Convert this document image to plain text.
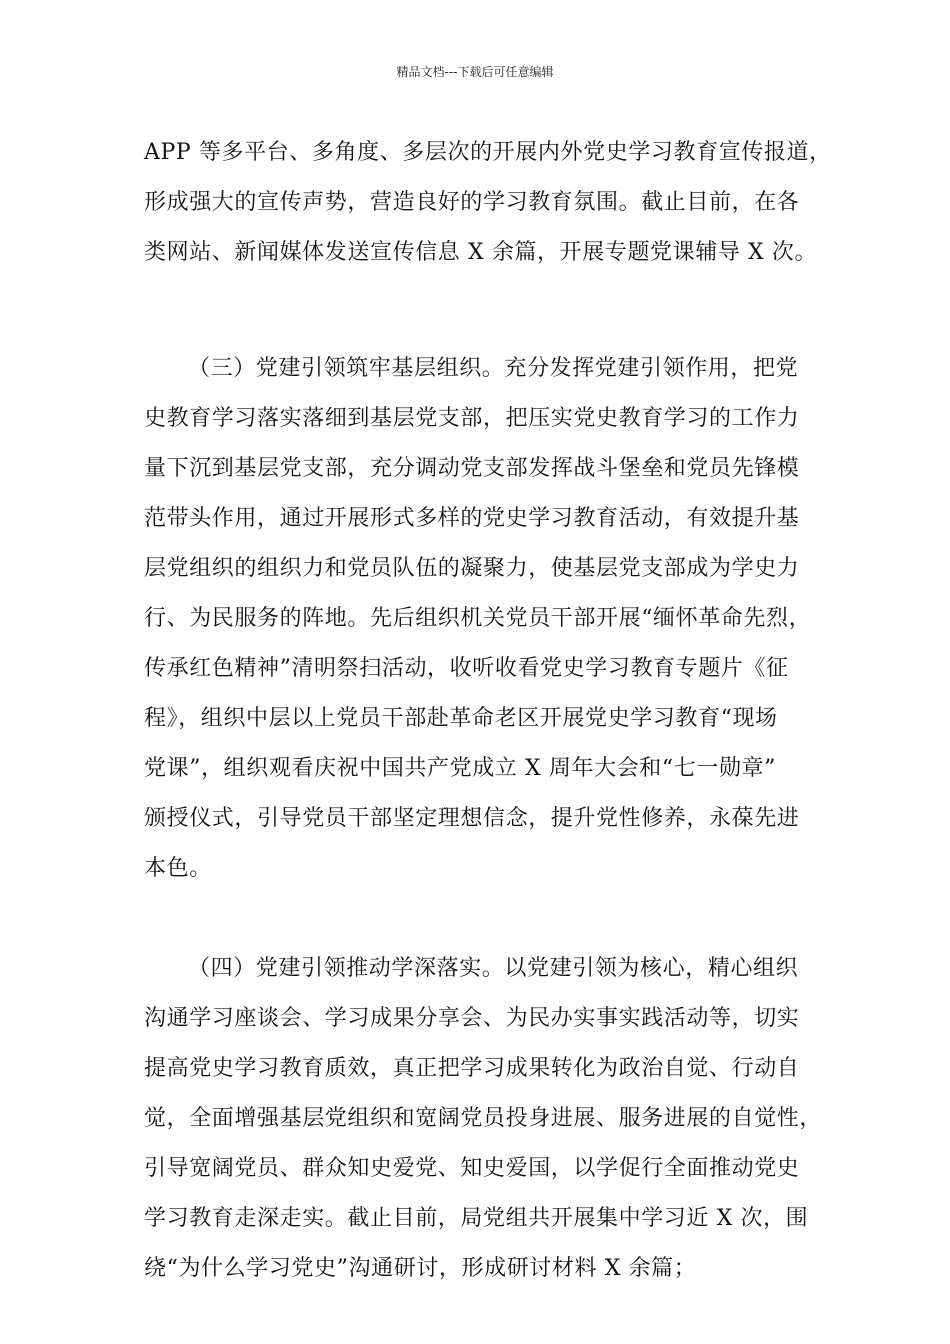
精品文档---下载后可任意编辑
APP 等多平台、多角度、多层次的开展内外党史学习教育宣传报道，
形成强大的宣传声势，营造良好的学习教育氛围。截止目前，在各
类网站、新闻媒体发送宣传信息 X 余篇，开展专题党课辅导 X 次。
（三）党建引领筑牢基层组织。充分发挥党建引领作用，把党
史教育学习落实落细到基层党支部，把压实党史教育学习的工作力
量下沉到基层党支部，充分调动党支部发挥战斗堡垒和党员先锋模
范带头作用，通过开展形式多样的党史学习教育活动，有效提升基
层党组织的组织力和党员队伍的凝聚力，使基层党支部成为学史力
行、为民服务的阵地。先后组织机关党员干部开展“缅怀革命先烈，
传承红色精神”清明祭扫活动，收听收看党史学习教育专题片《征
程》，组织中层以上党员干部赴革命老区开展党史学习教育“现场
党课”，组织观看庆祝中国共产党成立 X 周年大会和“七一勋章”
颁授仪式，引导党员干部坚定理想信念，提升党性修养，永葆先进
本色。
（四）党建引领推动学深落实。以党建引领为核心，精心组织
沟通学习座谈会、学习成果分享会、为民办实事实践活动等，切实
提高党史学习教育质效，真正把学习成果转化为政治自觉、行动自
觉，全面增强基层党组织和宽阔党员投身进展、服务进展的自觉性，
引导宽阔党员、群众知史爱党、知史爱国，以学促行全面推动党史
学习教育走深走实。截止目前，局党组共开展集中学习近 X 次，围
绕“为什么学习党史”沟通研讨，形成研讨材料 X 余篇；
